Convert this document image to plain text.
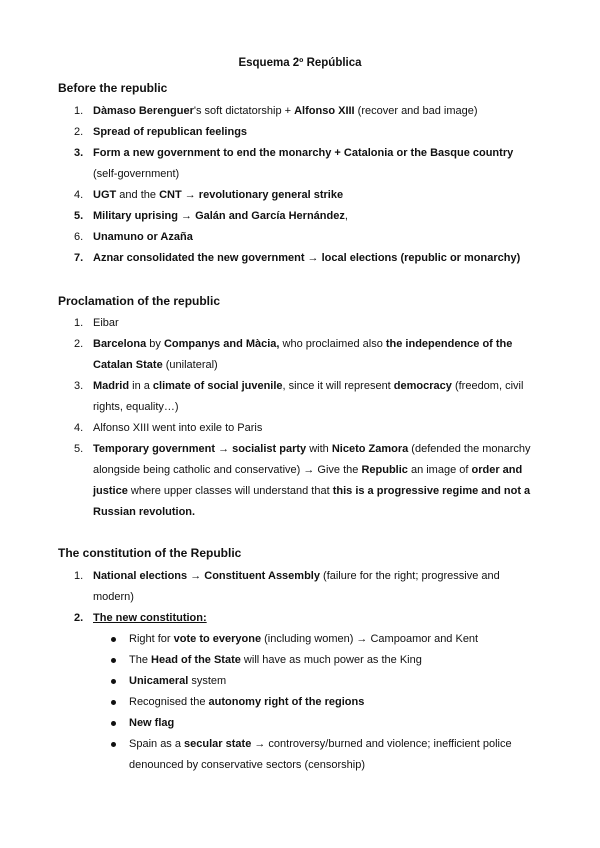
Esquema 2º República
Before the republic
1. Dàmaso Berenguer's soft dictatorship + Alfonso XIII (recover and bad image)
2. Spread of republican feelings
3. Form a new government to end the monarchy + Catalonia or the Basque country (self-government)
4. UGT and the CNT → revolutionary general strike
5. Military uprising → Galán and García Hernández,
6. Unamuno or Azaña
7. Aznar consolidated the new government → local elections (republic or monarchy)
Proclamation of the republic
1. Eibar
2. Barcelona by Companys and Màcia, who proclaimed also the independence of the Catalan State (unilateral)
3. Madrid in a climate of social juvenile, since it will represent democracy (freedom, civil rights, equality…)
4. Alfonso XIII went into exile to Paris
5. Temporary government → socialist party with Niceto Zamora (defended the monarchy alongside being catholic and conservative) → Give the Republic an image of order and justice where upper classes will understand that this is a progressive regime and not a Russian revolution.
The constitution of the Republic
1. National elections → Constituent Assembly (failure for the right; progressive and modern)
2. The new constitution:
Right for vote to everyone (including women) → Campoamor and Kent
The Head of the State will have as much power as the King
Unicameral system
Recognised the autonomy right of the regions
New flag
Spain as a secular state → controversy/burned and violence; inefficient police denounced by conservative sectors (censorship)
